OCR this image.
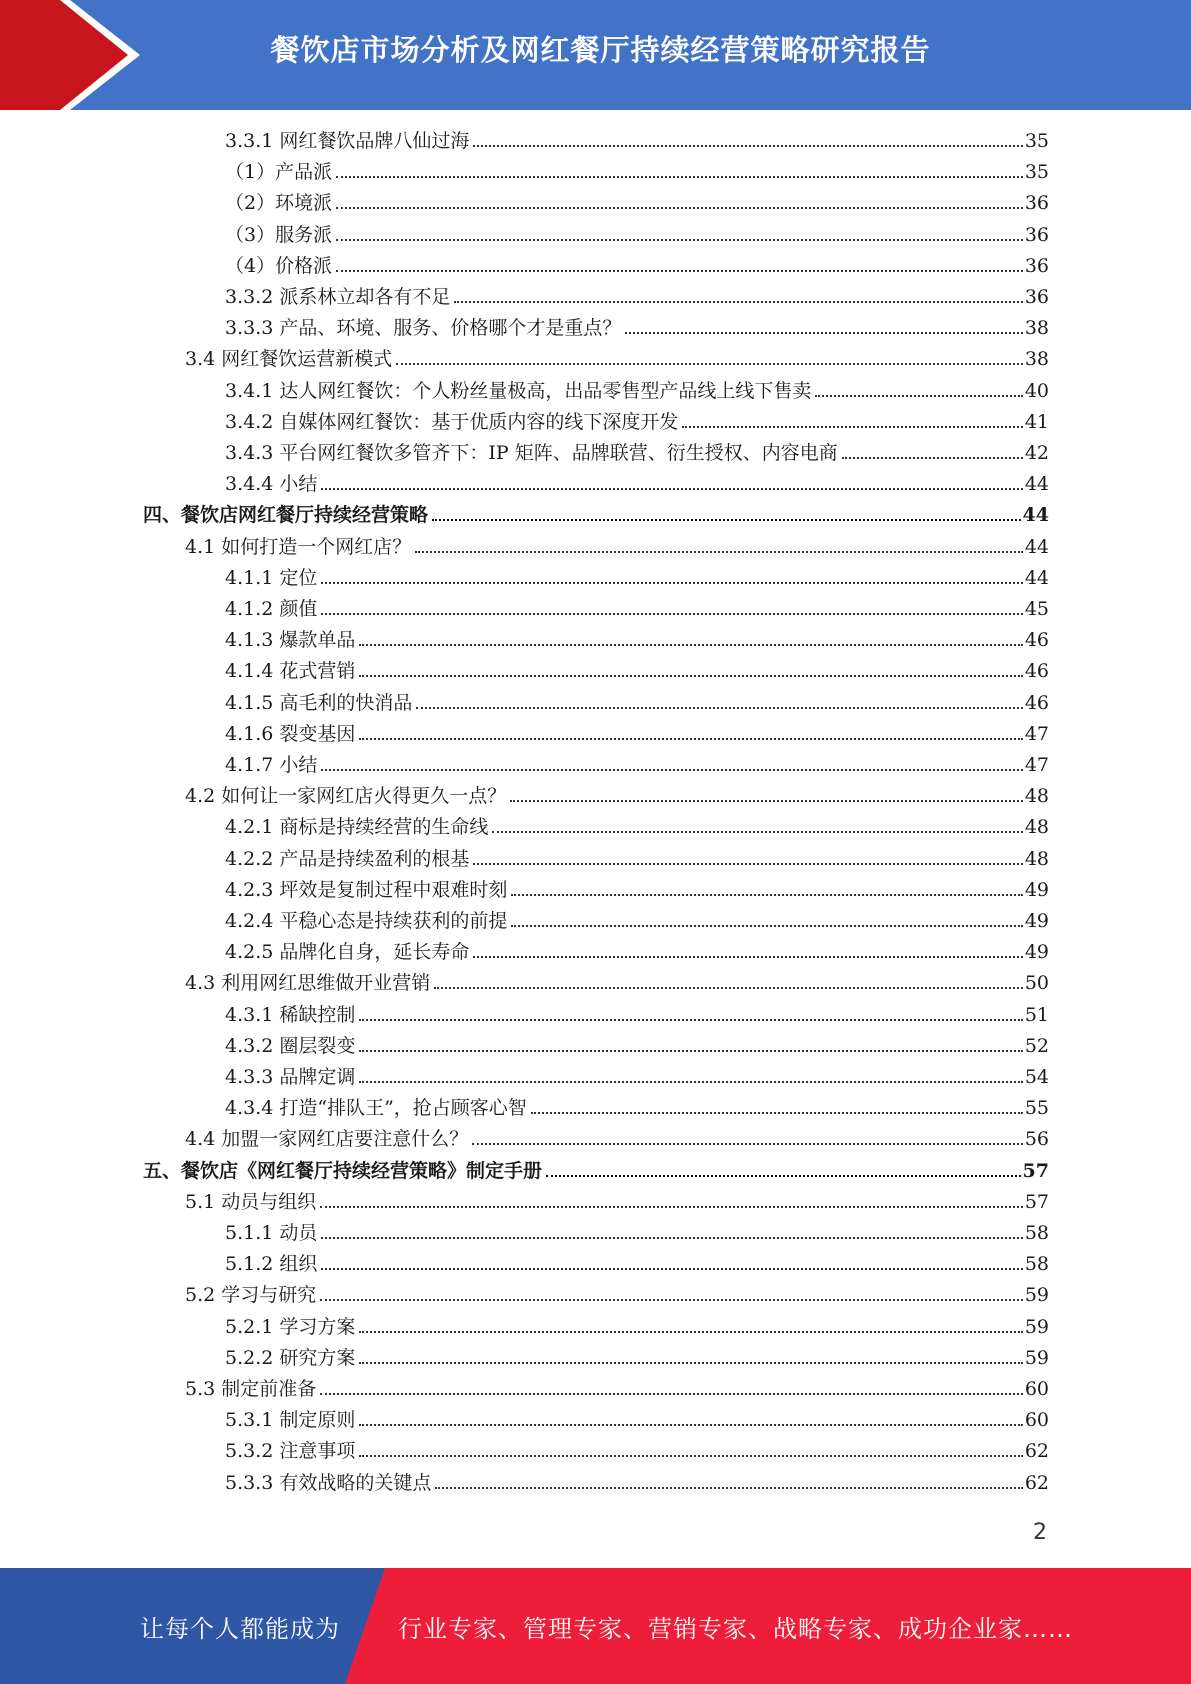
餐饮店市场分析及网红餐厅持续经营策略研究报告
3.3.1 网红餐饮品牌八仙过海	35
（1）产品派	35
（2）环境派	36
（3）服务派	36
（4）价格派	36
3.3.2 派系林立却各有不足	36
3.3.3 产品、环境、服务、价格哪个才是重点？	38
3.4 网红餐饮运营新模式	38
3.4.1 达人网红餐饮：个人粉丝量极高，出品零售型产品线上线下售卖	40
3.4.2 自媒体网红餐饮：基于优质内容的线下深度开发	41
3.4.3 平台网红餐饮多管齐下：IP 矩阵、品牌联营、衍生授权、内容电商	42
3.4.4 小结	44
四、餐饮店网红餐厅持续经营策略	44
4.1 如何打造一个网红店？	44
4.1.1 定位	44
4.1.2 颜值	45
4.1.3 爆款单品	46
4.1.4 花式营销	46
4.1.5 高毛利的快消品	46
4.1.6 裂变基因	47
4.1.7 小结	47
4.2 如何让一家网红店火得更久一点？	48
4.2.1 商标是持续经营的生命线	48
4.2.2 产品是持续盈利的根基	48
4.2.3 坪效是复制过程中艰难时刻	49
4.2.4 平稳心态是持续获利的前提	49
4.2.5 品牌化自身，延长寿命	49
4.3 利用网红思维做开业营销	50
4.3.1 稀缺控制	51
4.3.2 圈层裂变	52
4.3.3 品牌定调	54
4.3.4 打造“排队王”，抢占顾客心智	55
4.4 加盟一家网红店要注意什么？	56
五、餐饮店《网红餐厅持续经营策略》制定手册	57
5.1 动员与组织	57
5.1.1 动员	58
5.1.2 组织	58
5.2 学习与研究	59
5.2.1 学习方案	59
5.2.2 研究方案	59
5.3 制定前准备	60
5.3.1 制定原则	60
5.3.2 注意事项	62
5.3.3 有效战略的关键点	62
2
让每个人都能成为 行业专家、管理专家、营销专家、战略专家、成功企业家……
